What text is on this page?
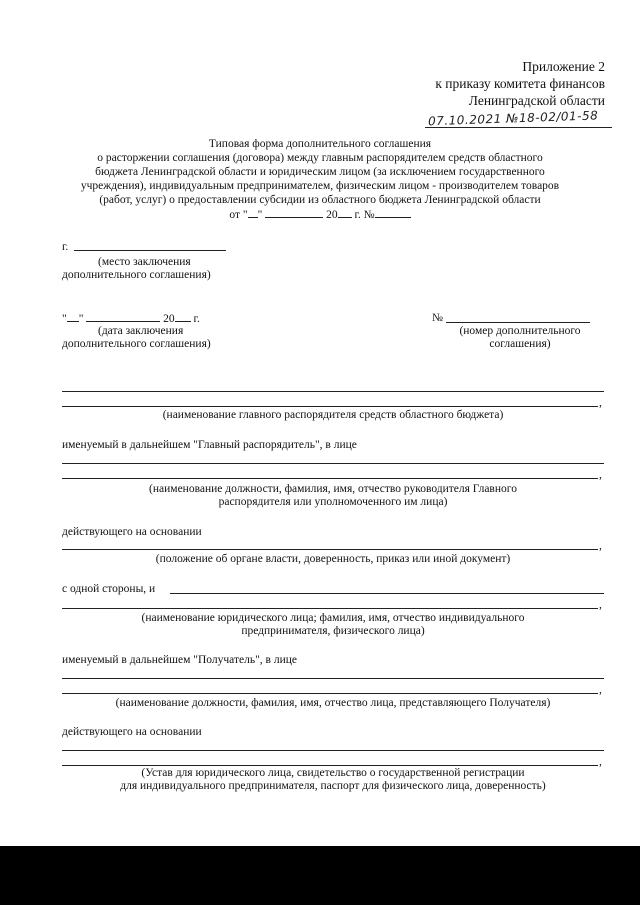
Приложение 2
к приказу комитета финансов
Ленинградской области
07.10.2021 №18-02/01-58
Типовая форма дополнительного соглашения
о расторжении соглашения (договора) между главным распорядителем средств областного
бюджета Ленинградской области и юридическим лицом (за исключением государственного
учреждения), индивидуальным предпринимателем, физическим лицом - производителем товаров
(работ, услуг) о предоставлении субсидии из областного бюджета Ленинградской области
от " "	20 г. №
г.
(место заключения
дополнительного соглашения)
" "	20 г.
(дата заключения
дополнительного соглашения)
№
(номер дополнительного
соглашения)
,
(наименование главного распорядителя средств областного бюджета)
именуемый в дальнейшем "Главный распорядитель", в лице
,
(наименование должности, фамилия, имя, отчество руководителя Главного
распорядителя или уполномоченного им лица)
действующего на основании
,
(положение об органе власти, доверенность, приказ или иной документ)
с одной стороны, и
,
(наименование юридического лица; фамилия, имя, отчество индивидуального
предпринимателя, физического лица)
именуемый в дальнейшем "Получатель", в лице
,
(наименование должности, фамилия, имя, отчество лица, представляющего Получателя)
действующего на основании
,
(Устав для юридического лица, свидетельство о государственной регистрации
для индивидуального предпринимателя, паспорт для физического лица, доверенность)
